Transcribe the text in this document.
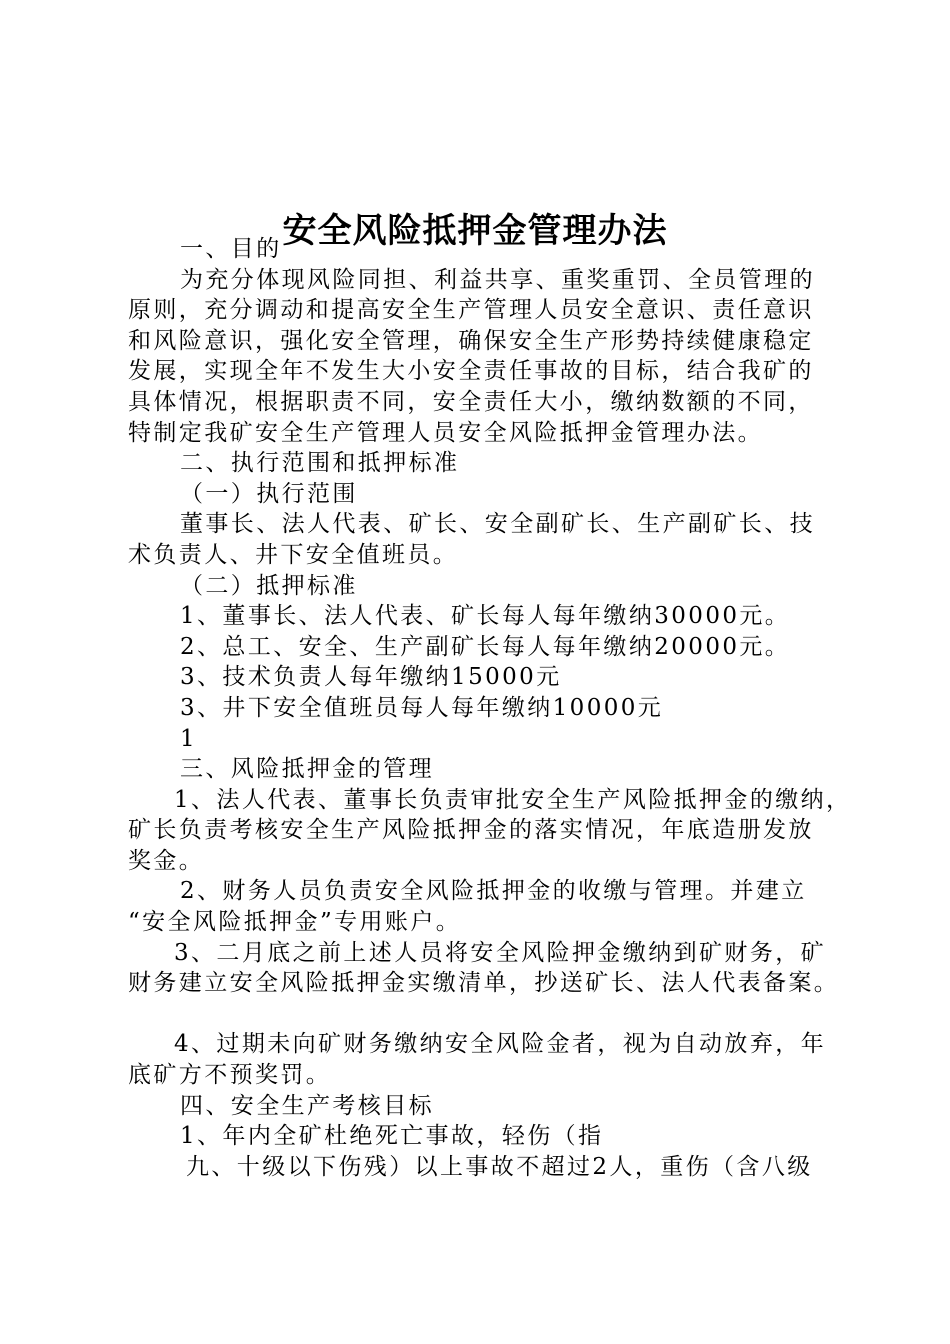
安全风险抵押金管理办法

一、目的

为充分体现风险同担、利益共享、重奖重罚、全员管理的

原则，充分调动和提高安全生产管理人员安全意识、责任意识

和风险意识，强化安全管理，确保安全生产形势持续健康稳定

发展，实现全年不发生大小安全责任事故的目标，结合我矿的

具体情况，根据职责不同，安全责任大小，缴纳数额的不同，

特制定我矿安全生产管理人员安全风险抵押金管理办法。

二、执行范围和抵押标准

（一）执行范围

董事长、法人代表、矿长、安全副矿长、生产副矿长、技

术负责人、井下安全值班员。

（二）抵押标准

1、董事长、法人代表、矿长每人每年缴纳30000元。

2、总工、安全、生产副矿长每人每年缴纳20000元。

3、技术负责人每年缴纳15000元

3、井下安全值班员每人每年缴纳10000元

1

三、风险抵押金的管理

1、法人代表、董事长负责审批安全生产风险抵押金的缴纳，

矿长负责考核安全生产风险抵押金的落实情况，年底造册发放

奖金。

2、财务人员负责安全风险抵押金的收缴与管理。并建立

“安全风险抵押金”专用账户。

3、二月底之前上述人员将安全风险押金缴纳到矿财务，矿

财务建立安全风险抵押金实缴清单，抄送矿长、法人代表备案。

4、过期未向矿财务缴纳安全风险金者，视为自动放弃，年

底矿方不预奖罚。

四、安全生产考核目标

1、年内全矿杜绝死亡事故，轻伤（指

九、十级以下伤残）以上事故不超过2人，重伤（含八级
